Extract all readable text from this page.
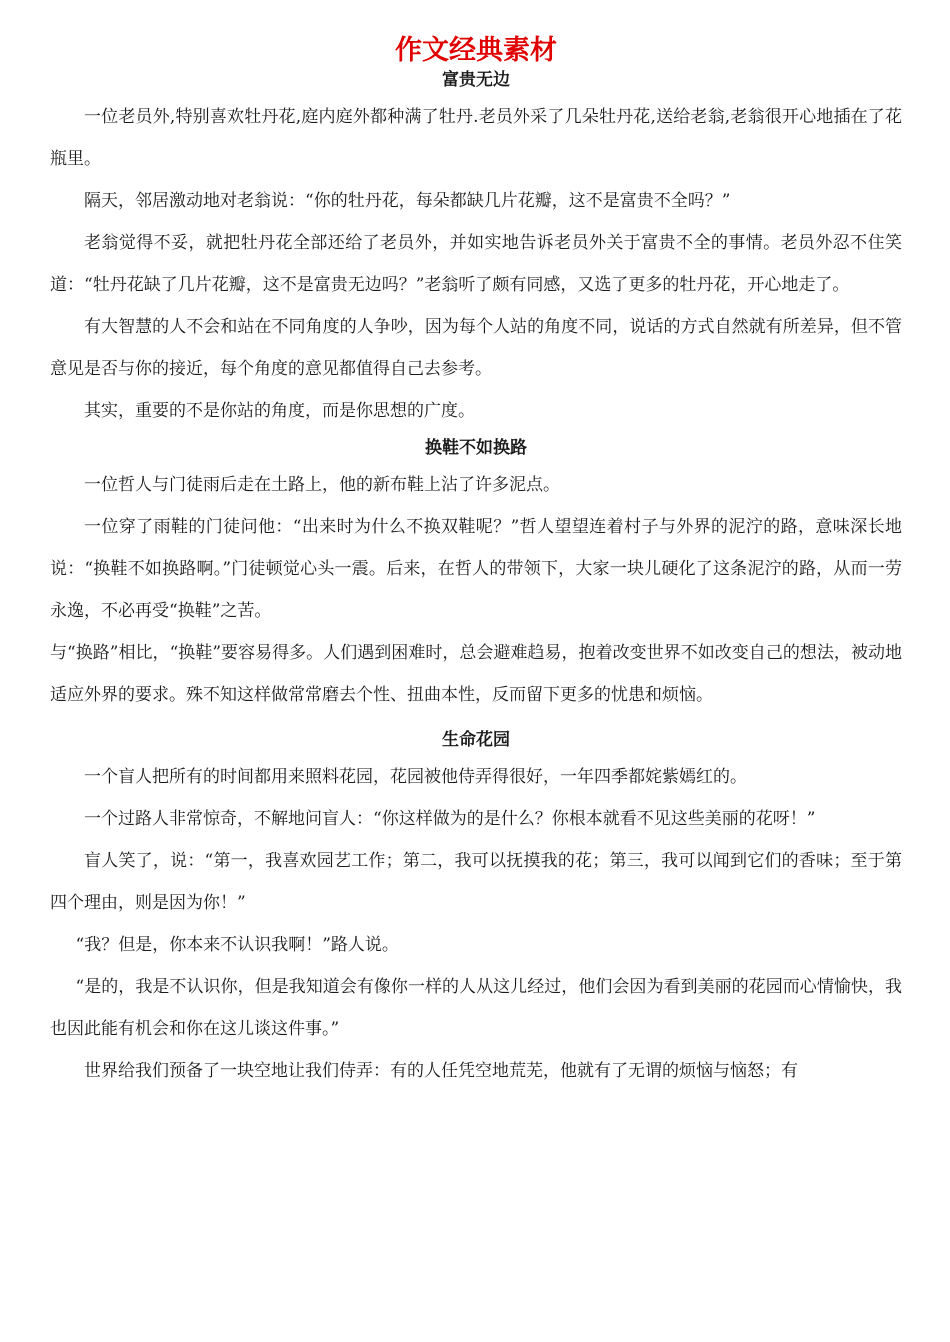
作文经典素材
富贵无边

一位老员外,特别喜欢牡丹花,庭内庭外都种满了牡丹.老员外采了几朵牡丹花,送给老翁,老翁很开心地插在了花瓶里。

隔天，邻居激动地对老翁说：“你的牡丹花，每朵都缺几片花瓣，这不是富贵不全吗？”

老翁觉得不妥，就把牡丹花全部还给了老员外，并如实地告诉老员外关于富贵不全的事情。老员外忍不住笑道：“牡丹花缺了几片花瓣，这不是富贵无边吗？”老翁听了颇有同感，又选了更多的牡丹花，开心地走了。

有大智慧的人不会和站在不同角度的人争吵，因为每个人站的角度不同，说话的方式自然就有所差异，但不管意见是否与你的接近，每个角度的意见都值得自己去参考。

其实，重要的不是你站的角度，而是你思想的广度。

换鞋不如换路

一位哲人与门徒雨后走在土路上，他的新布鞋上沾了许多泥点。

一位穿了雨鞋的门徒问他：“出来时为什么不换双鞋呢？”哲人望望连着村子与外界的泥泞的路，意味深长地说：“换鞋不如换路啊。”门徒顿觉心头一震。后来，在哲人的带领下，大家一块儿硬化了这条泥泞的路，从而一劳永逸，不必再受“换鞋”之苦。

与“换路”相比，“换鞋”要容易得多。人们遇到困难时，总会避难趋易，抱着改变世界不如改变自己的想法，被动地适应外界的要求。殊不知这样做常常磨去个性、扭曲本性，反而留下更多的忧患和烦恼。

生命花园

一个盲人把所有的时间都用来照料花园，花园被他侍弄得很好，一年四季都姹紫嫣红的。

一个过路人非常惊奇，不解地问盲人：“你这样做为的是什么？你根本就看不见这些美丽的花呀！”

盲人笑了，说：“第一，我喜欢园艺工作；第二，我可以抚摸我的花；第三，我可以闻到它们的香味；至于第四个理由，则是因为你！”

“我？但是，你本来不认识我啊！”路人说。

“是的，我是不认识你，但是我知道会有像你一样的人从这儿经过，他们会因为看到美丽的花园而心情愉快，我也因此能有机会和你在这儿谈这件事。”

世界给我们预备了一块空地让我们侍弄：有的人任凭空地荒芜，他就有了无谓的烦恼与恼怒；有
